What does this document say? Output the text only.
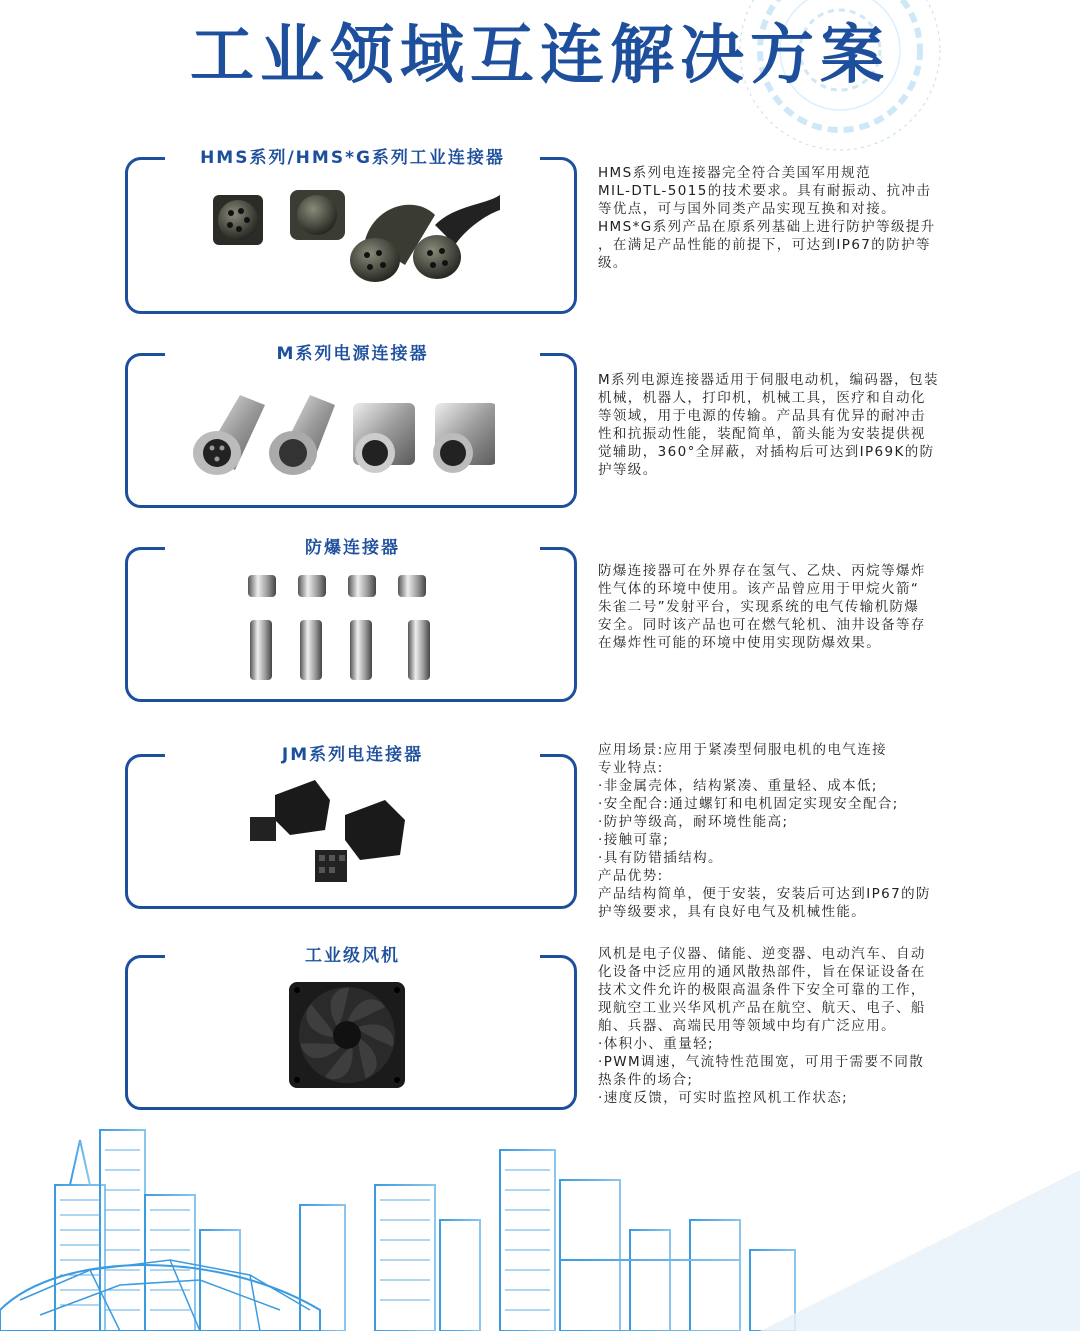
工业领域互连解决方案
HMS系列/HMS*G系列工业连接器
HMS系列电连接器完全符合美国军用规范
MIL-DTL-5015的技术要求。具有耐振动、抗冲击
等优点，可与国外同类产品实现互换和对接。
HMS*G系列产品在原系列基础上进行防护等级提升
，在满足产品性能的前提下，可达到IP67的防护等
级。
M系列电源连接器
M系列电源连接器适用于伺服电动机，编码器，包装
机械，机器人，打印机，机械工具，医疗和自动化
等领域，用于电源的传输。产品具有优异的耐冲击
性和抗振动性能，装配简单，箭头能为安装提供视
觉辅助，360°全屏蔽，对插构后可达到IP69K的防
护等级。
防爆连接器
防爆连接器可在外界存在氢气、乙炔、丙烷等爆炸
性气体的环境中使用。该产品曾应用于甲烷火箭“
朱雀二号”发射平台，实现系统的电气传输机防爆
安全。同时该产品也可在燃气轮机、油井设备等存
在爆炸性可能的环境中使用实现防爆效果。
JM系列电连接器	应用场景:应用于紧凑型伺服电机的电气连接
专业特点:
·非金属壳体，结构紧凑、重量轻、成本低;
·安全配合:通过螺钉和电机固定实现安全配合;
·防护等级高，耐环境性能高;
·接触可靠;
·具有防错插结构。
产品优势:
产品结构简单，便于安装，安装后可达到IP67的防
护等级要求，具有良好电气及机械性能。
工业级风机	风机是电子仪器、储能、逆变器、电动汽车、自动
化设备中泛应用的通风散热部件，旨在保证设备在
技术文件允许的极限高温条件下安全可靠的工作，
现航空工业兴华风机产品在航空、航天、电子、船
舶、兵器、高端民用等领域中均有广泛应用。
·体积小、重量轻;
·PWM调速，气流特性范围宽，可用于需要不同散
热条件的场合;
·速度反馈，可实时监控风机工作状态;
